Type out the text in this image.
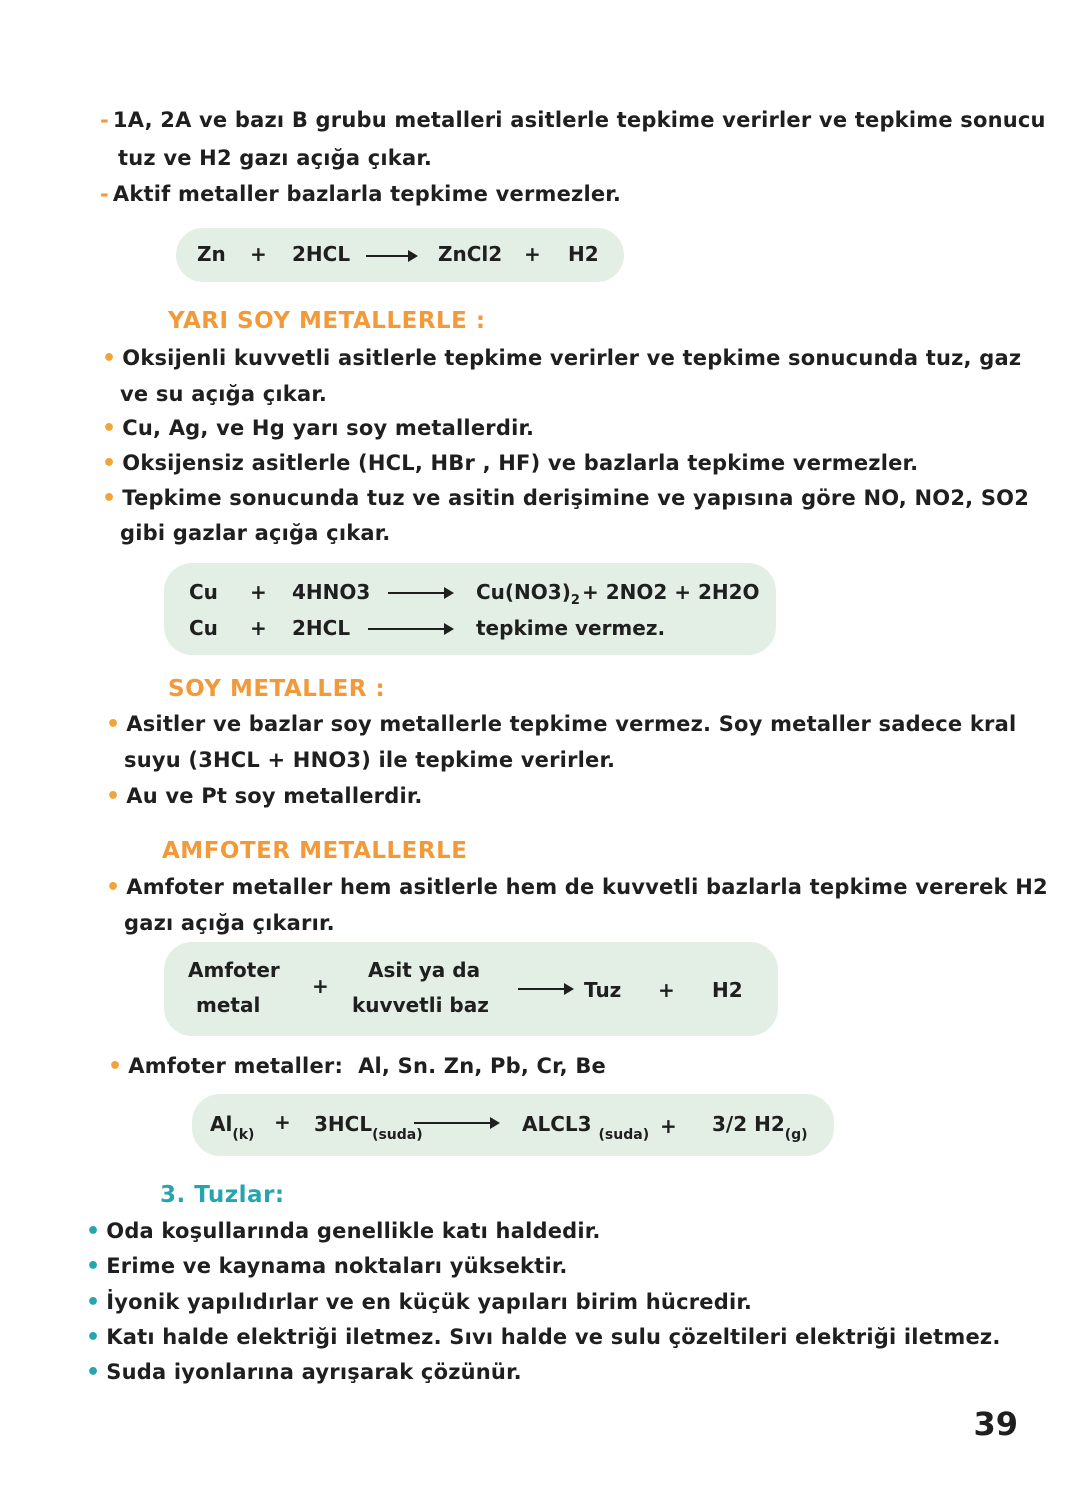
- 1A, 2A ve bazı B grubu metalleri asitlerle tepkime verirler ve tepkime sonucu
tuz ve H2 gazı açığa çıkar.
- Aktif metaller bazlarla tepkime vermezler.
Zn + 2HCL	ZnCl2 + H2
YARI SOY METALLERLE :
• Oksijenli kuvvetli asitlerle tepkime verirler ve tepkime sonucunda tuz, gaz
ve su açığa çıkar.
• Cu, Ag, ve Hg yarı soy metallerdir.
• Oksijensiz asitlerle (HCL, HBr , HF) ve bazlarla tepkime vermezler.
• Tepkime sonucunda tuz ve asitin derişimine ve yapısına göre NO, NO2, SO2
gibi gazlar açığa çıkar.
Cu + 4HNO3	$Cu(NO3)_2 + 2NO2 + 2H2O$
Cu + 2HCL	tepkime vermez.
SOY METALLER :
• Asitler ve bazlar soy metallerle tepkime vermez. Soy metaller sadece kral
suyu (3HCL + HNO3) ile tepkime verirler.
• Au ve Pt soy metallerdir.
AMFOTER METALLERLE
• Amfoter metaller hem asitlerle hem de kuvvetli bazlarla tepkime vererek H2
gazı açığa çıkarır.
Amfoter
metal
+
Asit ya da
kuvvetli baz
Tuz + H2
• Amfoter metaller: Al, Sn. Zn, Pb, Cr, Be
$Al_{(k)}$
+ $3HCL_{(suda)}$	ALCL3 $_{(suda)}$ + 3/2 $H2_{(g)}$
3. Tuzlar:
• Oda koşullarında genellikle katı haldedir.
• Erime ve kaynama noktaları yüksektir.
• İyonik yapılıdırlar ve en küçük yapıları birim hücredir.
• Katı halde elektriği iletmez. Sıvı halde ve sulu çözeltileri elektriği iletmez.
• Suda iyonlarına ayrışarak çözünür.
39
